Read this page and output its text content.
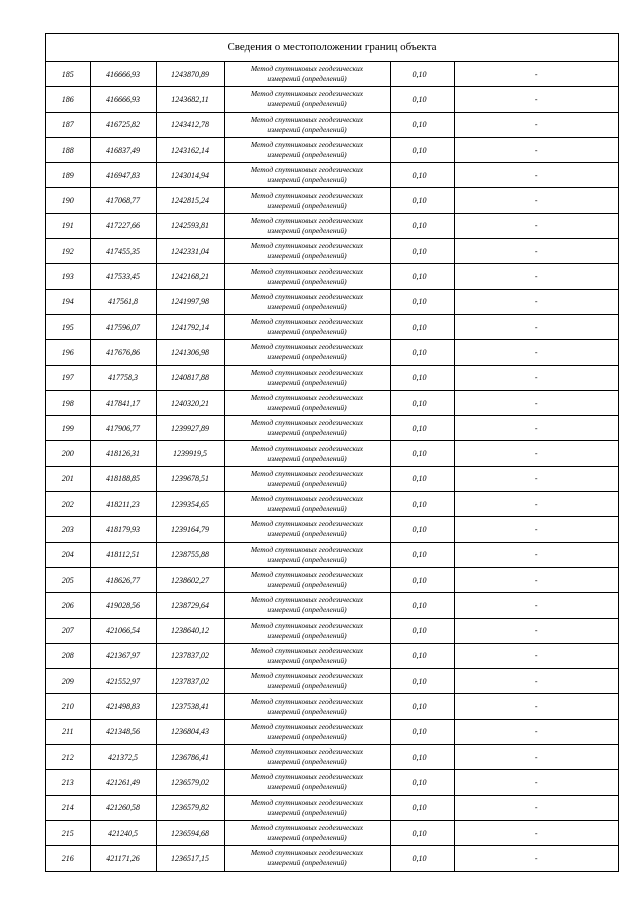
Сведения о местоположении границ объекта
185	416666,93	1243870,89	Метод спутниковых геодезических
измерений (определений)	0,10	-
186	416666,93	1243682,11	Метод спутниковых геодезических
измерений (определений)	0,10	-
187	416725,82	1243412,78	Метод спутниковых геодезических
измерений (определений)	0,10	-
188	416837,49	1243162,14	Метод спутниковых геодезических
измерений (определений)	0,10	-
189	416947,83	1243014,94	Метод спутниковых геодезических
измерений (определений)	0,10	-
190	417068,77	1242815,24	Метод спутниковых геодезических
измерений (определений)	0,10	-
191	417227,66	1242593,81	Метод спутниковых геодезических
измерений (определений)	0,10	-
192	417455,35	1242331,04	Метод спутниковых геодезических
измерений (определений)	0,10	-
193	417533,45	1242168,21	Метод спутниковых геодезических
измерений (определений)	0,10	-
194	417561,8	1241997,98	Метод спутниковых геодезических
измерений (определений)	0,10	-
195	417596,07	1241792,14	Метод спутниковых геодезических
измерений (определений)	0,10	-
196	417676,86	1241306,98	Метод спутниковых геодезических
измерений (определений)	0,10	-
197	417758,3	1240817,88	Метод спутниковых геодезических
измерений (определений)	0,10	-
198	417841,17	1240320,21	Метод спутниковых геодезических
измерений (определений)	0,10	-
199	417906,77	1239927,89	Метод спутниковых геодезических
измерений (определений)	0,10	-
200	418126,31	1239919,5	Метод спутниковых геодезических
измерений (определений)	0,10	-
201	418188,85	1239678,51	Метод спутниковых геодезических
измерений (определений)	0,10	-
202	418211,23	1239354,65	Метод спутниковых геодезических
измерений (определений)	0,10	-
203	418179,93	1239164,79	Метод спутниковых геодезических
измерений (определений)	0,10	-
204	418112,51	1238755,88	Метод спутниковых геодезических
измерений (определений)	0,10	-
205	418626,77	1238602,27	Метод спутниковых геодезических
измерений (определений)	0,10	-
206	419028,56	1238729,64	Метод спутниковых геодезических
измерений (определений)	0,10	-
207	421066,54	1238640,12	Метод спутниковых геодезических
измерений (определений)	0,10	-
208	421367,97	1237837,02	Метод спутниковых геодезических
измерений (определений)	0,10	-
209	421552,97	1237837,02	Метод спутниковых геодезических
измерений (определений)	0,10	-
210	421498,83	1237538,41	Метод спутниковых геодезических
измерений (определений)	0,10	-
211	421348,56	1236804,43	Метод спутниковых геодезических
измерений (определений)	0,10	-
212	421372,5	1236786,41	Метод спутниковых геодезических
измерений (определений)	0,10	-
213	421261,49	1236579,02	Метод спутниковых геодезических
измерений (определений)	0,10	-
214	421260,58	1236579,82	Метод спутниковых геодезических
измерений (определений)	0,10	-
215	421240,5	1236594,68	Метод спутниковых геодезических
измерений (определений)	0,10	-
216	421171,26	1236517,15	Метод спутниковых геодезических
измерений (определений)	0,10	-
